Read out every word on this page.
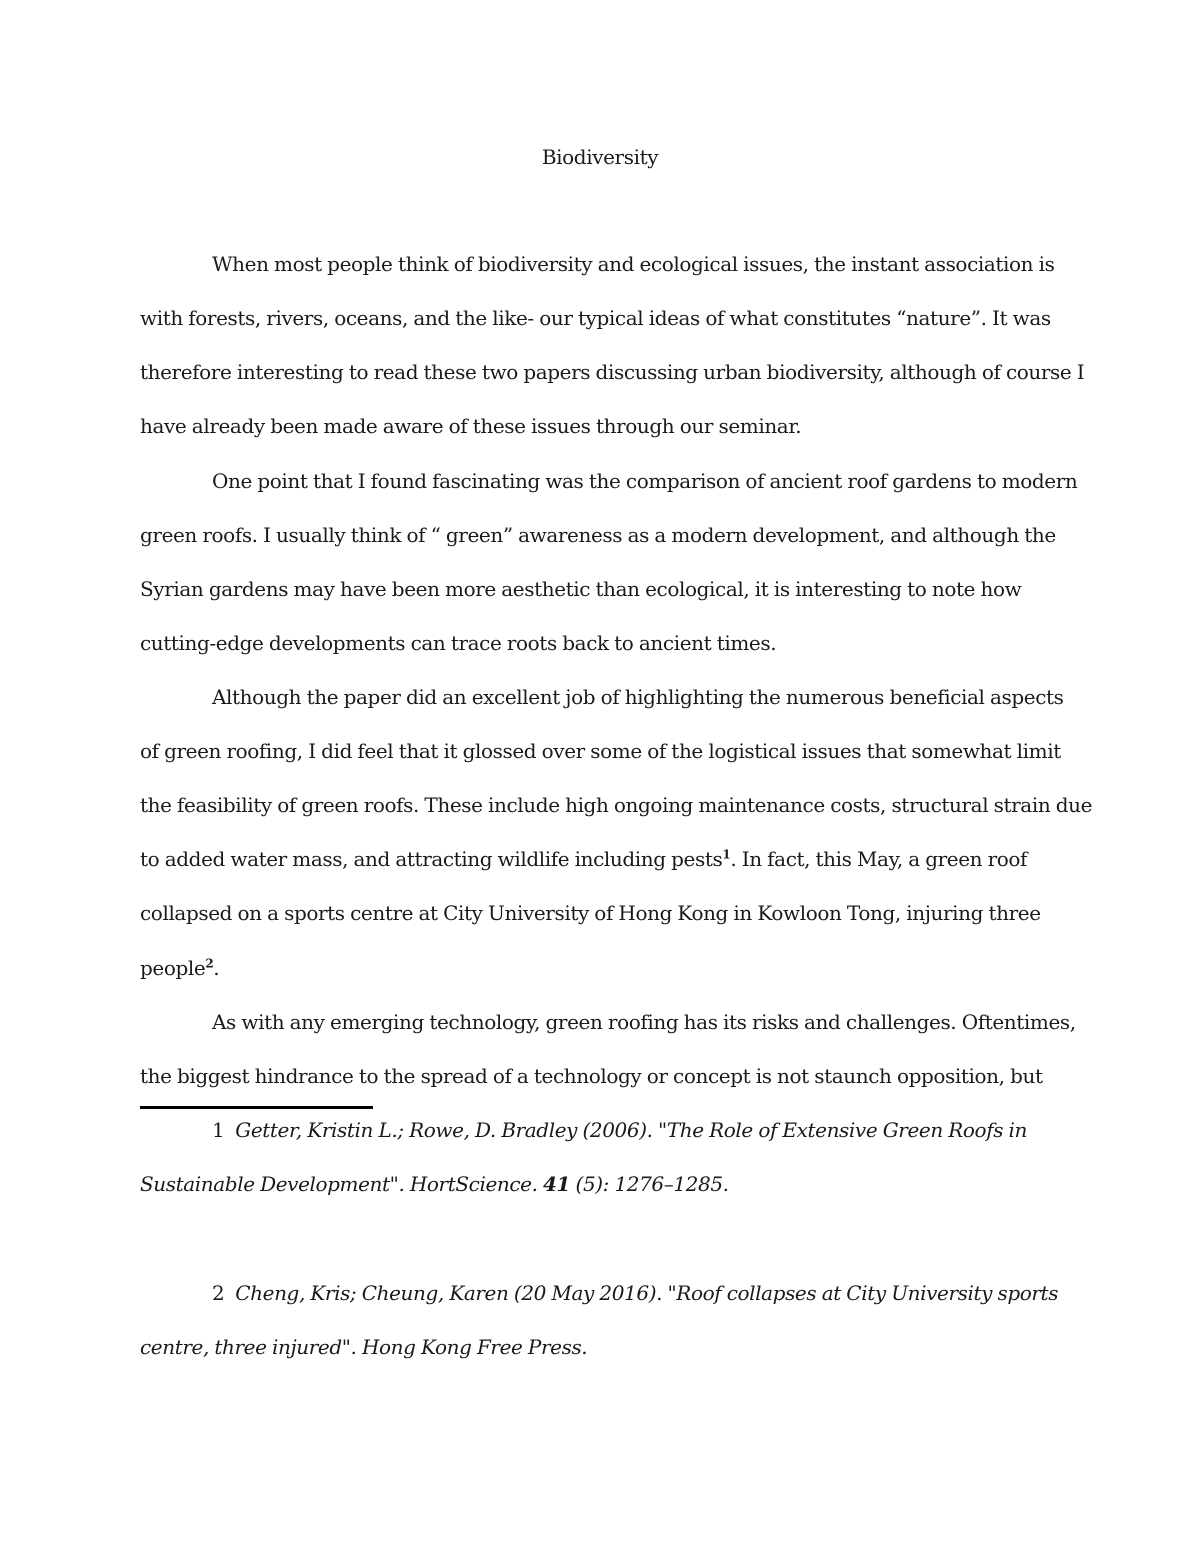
Biodiversity
When most people think of biodiversity and ecological issues, the instant association is
with forests, rivers, oceans, and the like- our typical ideas of what constitutes “nature”. It was
therefore interesting to read these two papers discussing urban biodiversity, although of course I
have already been made aware of these issues through our seminar.
One point that I found fascinating was the comparison of ancient roof gardens to modern
green roofs. I usually think of “ green” awareness as a modern development, and although the
Syrian gardens may have been more aesthetic than ecological, it is interesting to note how
cutting-edge developments can trace roots back to ancient times.
Although the paper did an excellent job of highlighting the numerous beneficial aspects
of green roofing, I did feel that it glossed over some of the logistical issues that somewhat limit
the feasibility of green roofs. These include high ongoing maintenance costs, structural strain due
to added water mass, and attracting wildlife including pests$^1$. In fact, this May, a green roof
collapsed on a sports centre at City University of Hong Kong in Kowloon Tong, injuring three
people$^2$.
As with any emerging technology, green roofing has its risks and challenges. Oftentimes,
the biggest hindrance to the spread of a technology or concept is not staunch opposition, but
1 Getter, Kristin L.; Rowe, D. Bradley (2006). "The Role of Extensive Green Roofs in
Sustainable Development". HortScience. 41 (5): 1276–1285.
2 Cheng, Kris; Cheung, Karen (20 May 2016). "Roof collapses at City University sports
centre, three injured". Hong Kong Free Press.
